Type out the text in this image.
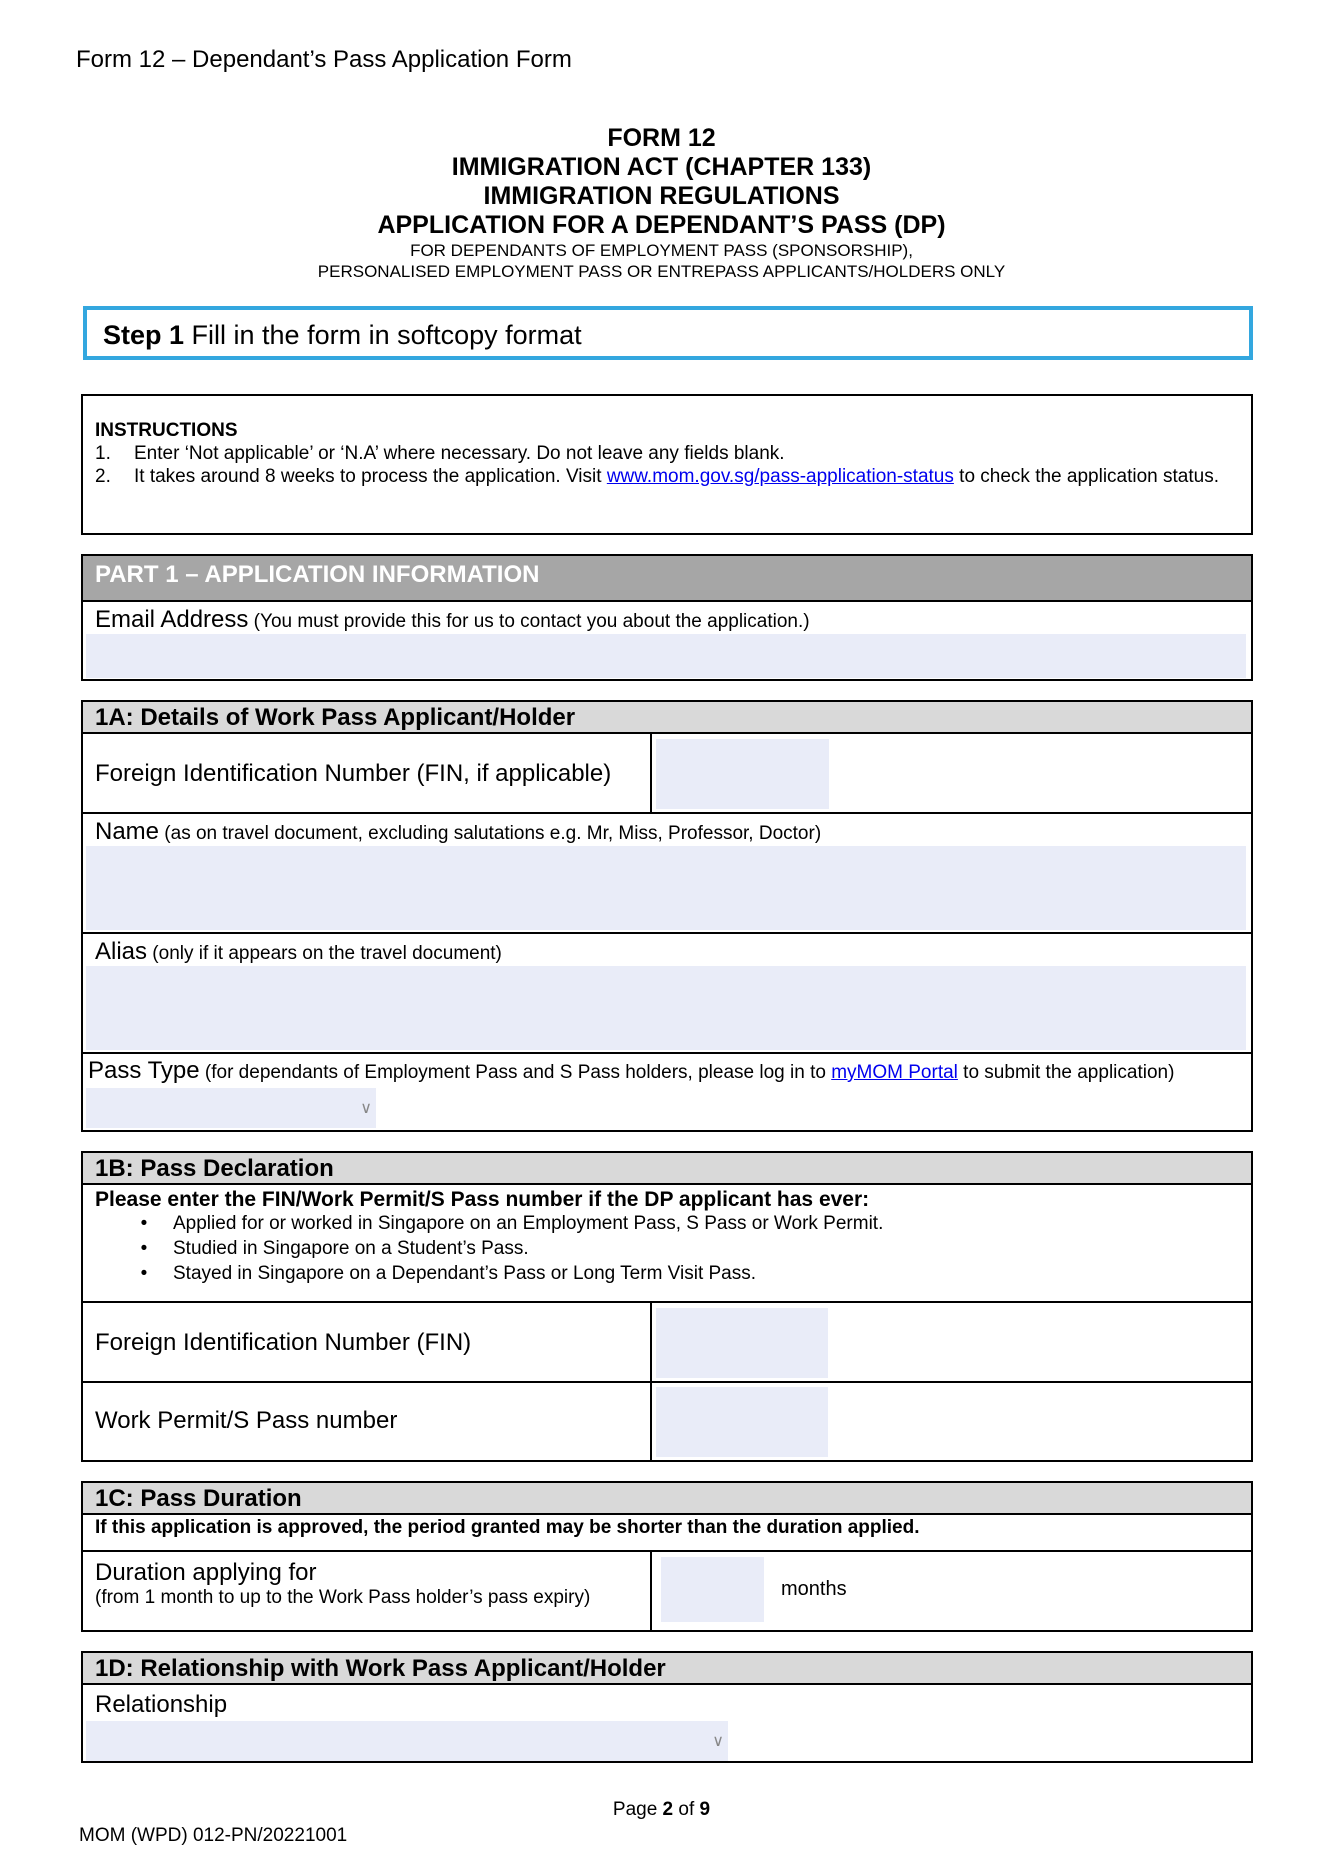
Form 12 – Dependant’s Pass Application Form
FORM 12
IMMIGRATION ACT (CHAPTER 133)
IMMIGRATION REGULATIONS
APPLICATION FOR A DEPENDANT’S PASS (DP)
FOR DEPENDANTS OF EMPLOYMENT PASS (SPONSORSHIP),
PERSONALISED EMPLOYMENT PASS OR ENTREPASS APPLICANTS/HOLDERS ONLY
Step 1 Fill in the form in softcopy format
INSTRUCTIONS
1.	Enter ‘Not applicable’ or ‘N.A’ where necessary. Do not leave any fields blank.
2.	It takes around 8 weeks to process the application. Visit www.mom.gov.sg/pass-application-status to check the application status.
PART 1 – APPLICATION INFORMATION
Email Address (You must provide this for us to contact you about the application.)
1A: Details of Work Pass Applicant/Holder
Foreign Identification Number (FIN, if applicable)
Name (as on travel document, excluding salutations e.g. Mr, Miss, Professor, Doctor)
Alias (only if it appears on the travel document)
Pass Type (for dependants of Employment Pass and S Pass holders, please log in to myMOM Portal to submit the application)
∨
1B: Pass Declaration
Please enter the FIN/Work Permit/S Pass number if the DP applicant has ever:
•	Applied for or worked in Singapore on an Employment Pass, S Pass or Work Permit.
•	Studied in Singapore on a Student’s Pass.
•	Stayed in Singapore on a Dependant’s Pass or Long Term Visit Pass.
Foreign Identification Number (FIN)
Work Permit/S Pass number
1C: Pass Duration
If this application is approved, the period granted may be shorter than the duration applied.
Duration applying for
(from 1 month to up to the Work Pass holder’s pass expiry)	months
1D: Relationship with Work Pass Applicant/Holder
Relationship
∨
Page 2 of 9
MOM (WPD) 012-PN/20221001
